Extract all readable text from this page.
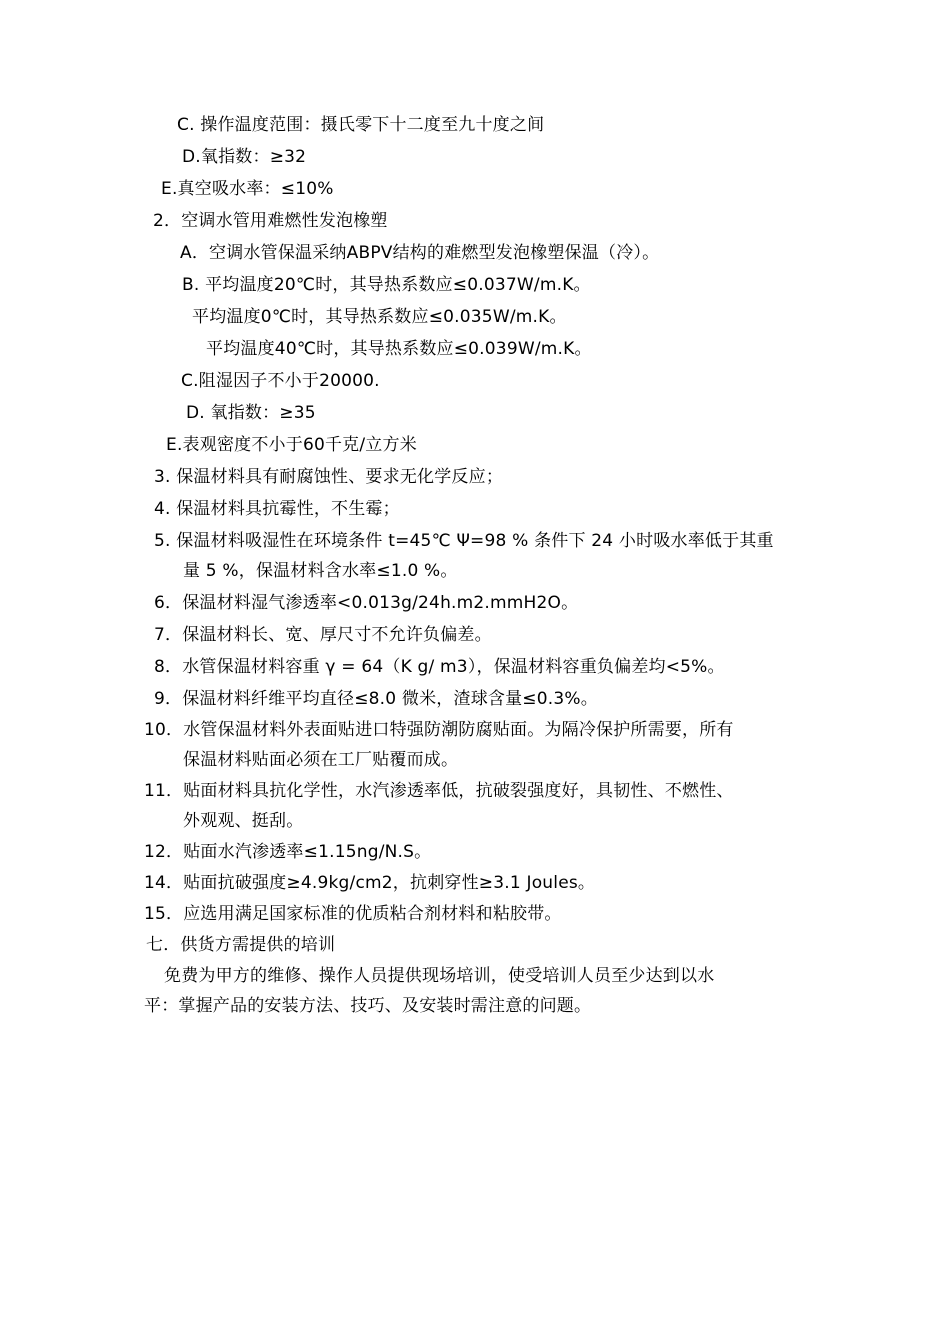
C. 操作温度范围：摄氏零下十二度至九十度之间
D.氧指数：≥32
E.真空吸水率：≤10%
2．空调水管用难燃性发泡橡塑
A．空调水管保温采纳ABPV结构的难燃型发泡橡塑保温（冷）。
B. 平均温度20℃时，其导热系数应≤0.037W/m.K。
平均温度0℃时，其导热系数应≤0.035W/m.K。
平均温度40℃时，其导热系数应≤0.039W/m.K。
C.阻湿因子不小于20000.
D. 氧指数：≥35
E.表观密度不小于60千克/立方米
3. 保温材料具有耐腐蚀性、要求无化学反应；
4. 保温材料具抗霉性，不生霉；
5. 保温材料吸湿性在环境条件 t=45℃ Ψ=98 % 条件下 24 小时吸水率低于其重
量 5 %，保温材料含水率≤1.0 %。
6．保温材料湿气渗透率<0.013g/24h.m2.mmH2O。
7．保温材料长、宽、厚尺寸不允许负偏差。
8．水管保温材料容重 γ = 64（K g/ m3），保温材料容重负偏差均<5%。
9．保温材料纤维平均直径≤8.0 微米，渣球含量≤0.3%。
10．水管保温材料外表面贴进口特强防潮防腐贴面。为隔冷保护所需要，所有
保温材料贴面必须在工厂贴覆而成。
11．贴面材料具抗化学性，水汽渗透率低，抗破裂强度好，具韧性、不燃性、
外观观、挺刮。
12．贴面水汽渗透率≤1.15ng/N.S。
14．贴面抗破强度≥4.9kg/cm2，抗刺穿性≥3.1 Joules。
15．应选用满足国家标准的优质粘合剂材料和粘胶带。
七．供货方需提供的培训
免费为甲方的维修、操作人员提供现场培训，使受培训人员至少达到以水
平：掌握产品的安装方法、技巧、及安装时需注意的问题。
